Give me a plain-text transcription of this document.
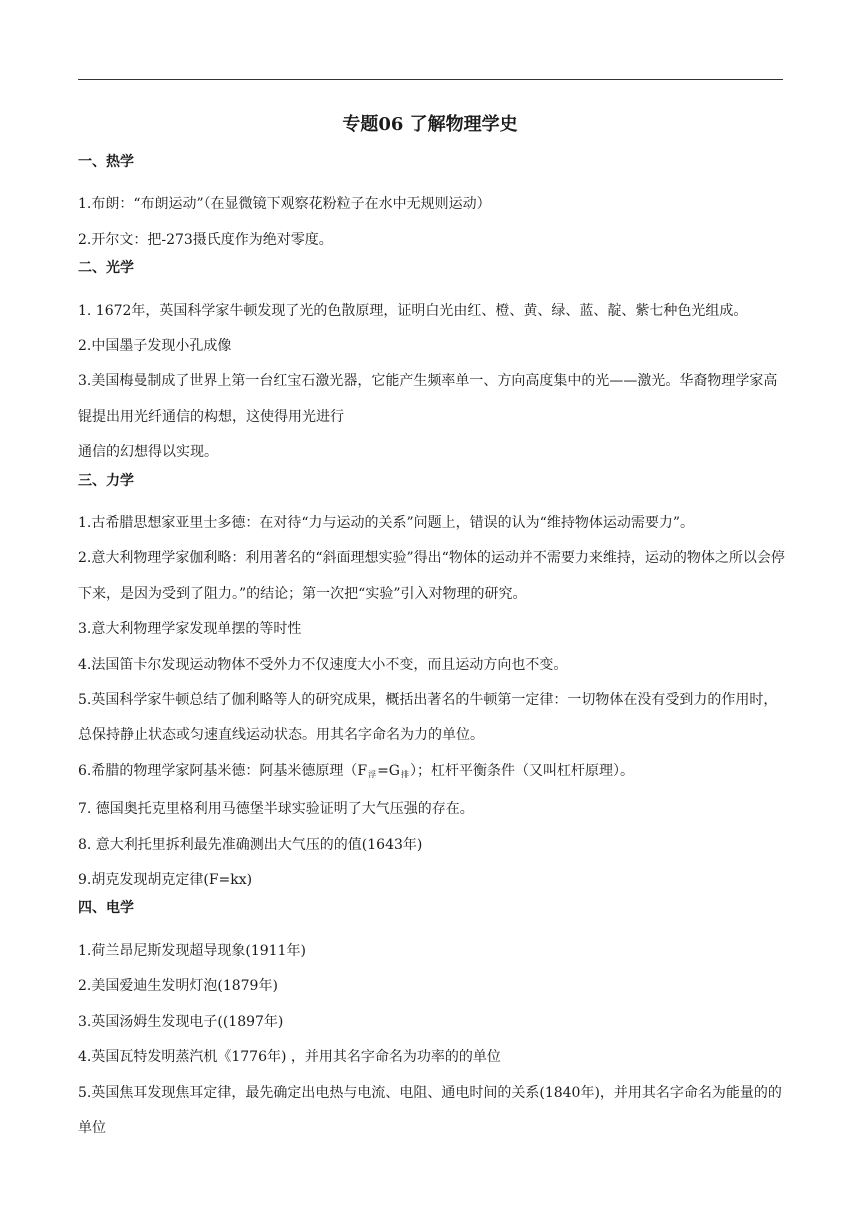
专题06 了解物理学史
一、热学

1.布朗：“布朗运动”（在显微镜下观察花粉粒子在水中无规则运动）

2.开尔文：把-273摄氏度作为绝对零度。

二、光学

1. 1672年，英国科学家牛顿发现了光的色散原理，证明白光由红、橙、黄、绿、蓝、靛、紫七种色光组成。

2.中国墨子发现小孔成像

3.美国梅曼制成了世界上第一台红宝石激光器，它能产生频率单一、方向高度集中的光——激光。华裔物理学家高锟提出用光纤通信的构想，这使得用光进行

通信的幻想得以实现。

三、力学

1.古希腊思想家亚里士多德：在对待“力与运动的关系”问题上，错误的认为“维持物体运动需要力”。

2.意大利物理学家伽利略：利用著名的“斜面理想实验”得出“物体的运动并不需要力来维持，运动的物体之所以会停下来，是因为受到了阻力。”的结论；第一次把“实验”引入对物理的研究。

3.意大利物理学家发现单摆的等时性

4.法国笛卡尔发现运动物体不受外力不仅速度大小不变，而且运动方向也不变。

5.英国科学家牛顿总结了伽利略等人的研究成果，概括出著名的牛顿第一定律：一切物体在没有受到力的作用时，总保持静止状态或匀速直线运动状态。用其名字命名为力的单位。

6.希腊的物理学家阿基米德：阿基米德原理$(F_浮=G_排)$；杠杆平衡条件（又叫杠杆原理）。

7. 德国奥托克里格利用马德堡半球实验证明了大气压强的存在。

8. 意大利托里拆利最先准确测出大气压的的值(1643年)

9.胡克发现胡克定律(F=kx)

四、电学

1.荷兰昂尼斯发现超导现象(1911年)

2.美国爱迪生发明灯泡(1879年)

3.英国汤姆生发现电子((1897年)

4.英国瓦特发明蒸汽机《1776年) ，并用其名字命名为功率的的单位

5.英国焦耳发现焦耳定律，最先确定出电热与电流、电阻、通电时间的关系(1840年)，并用其名字命名为能量的的单位
